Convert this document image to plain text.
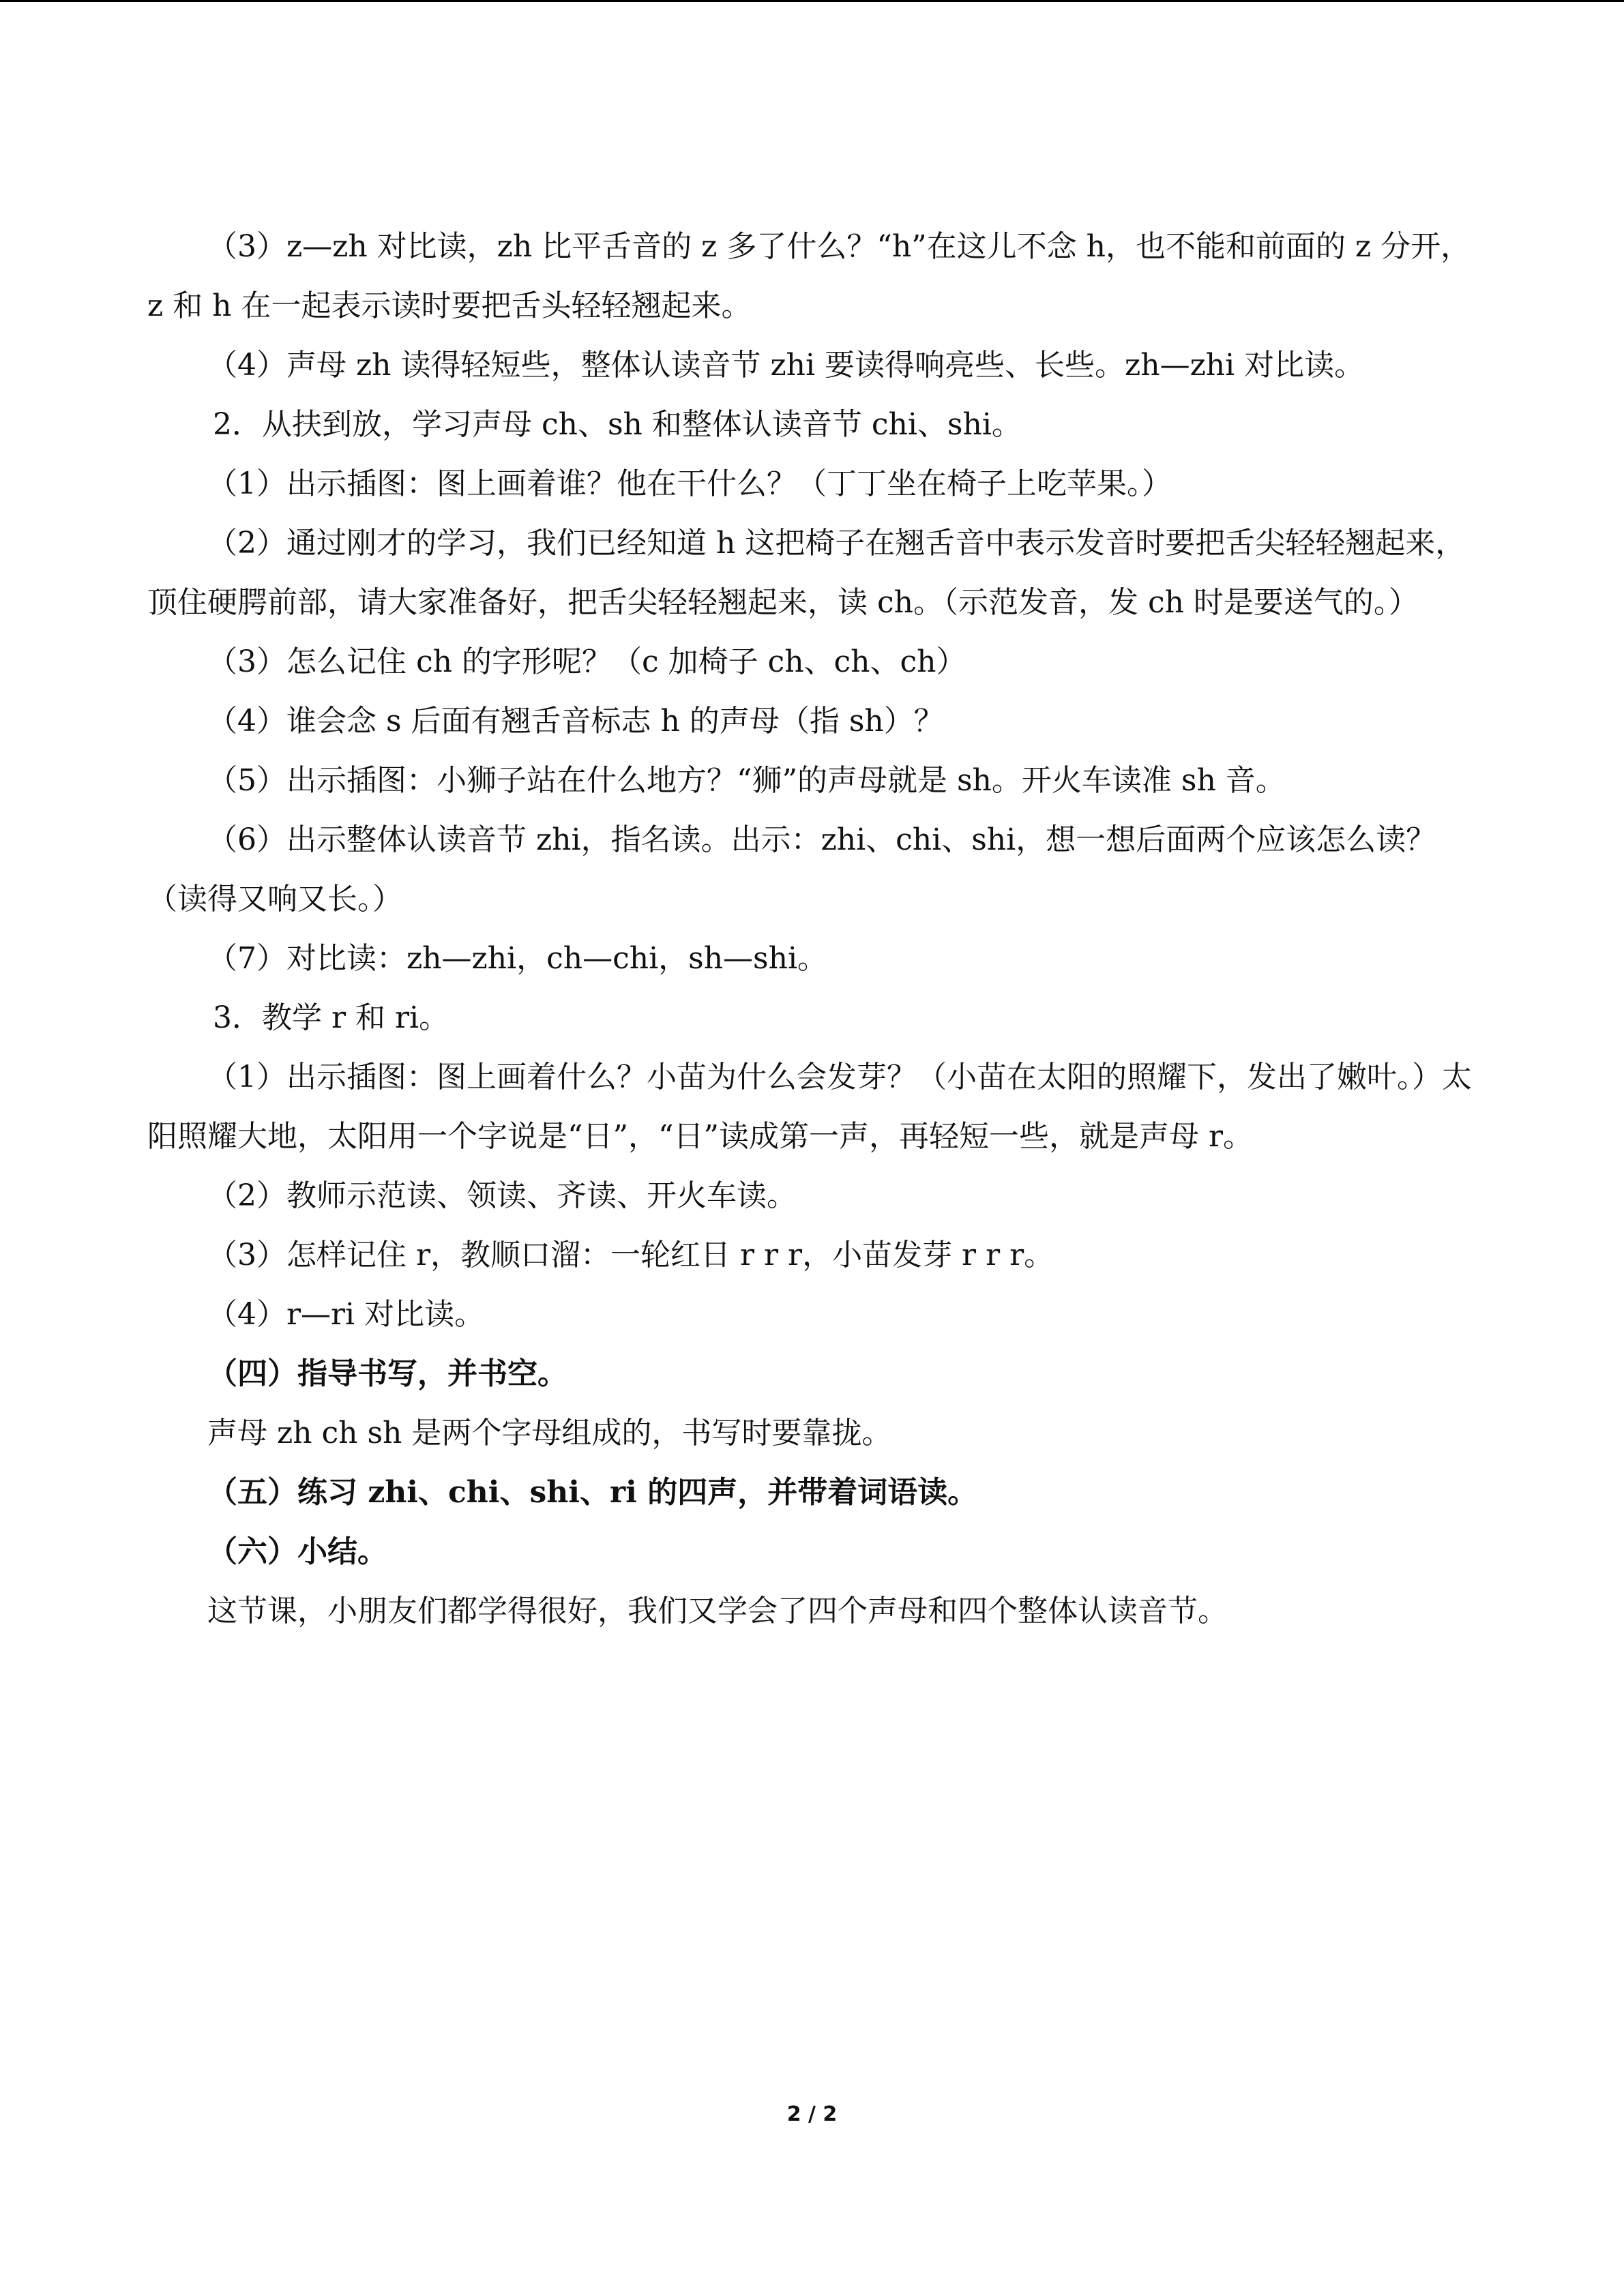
（3）z—zh 对比读，zh 比平舌音的 z 多了什么？“h”在这儿不念 h，也不能和前面的 z 分开，z 和 h 在一起表示读时要把舌头轻轻翘起来。

（4）声母 zh 读得轻短些，整体认读音节 zhi 要读得响亮些、长些。zh—zhi 对比读。

2．从扶到放，学习声母 ch、sh 和整体认读音节 chi、shi。

（1）出示插图：图上画着谁？他在干什么？（丁丁坐在椅子上吃苹果。）

（2）通过刚才的学习，我们已经知道 h 这把椅子在翘舌音中表示发音时要把舌尖轻轻翘起来，顶住硬腭前部，请大家准备好，把舌尖轻轻翘起来，读 ch。（示范发音，发 ch 时是要送气的。）

（3）怎么记住 ch 的字形呢？（c 加椅子 ch、ch、ch）

（4）谁会念 s 后面有翘舌音标志 h 的声母（指 sh）？

（5）出示插图：小狮子站在什么地方？“狮”的声母就是 sh。开火车读准 sh 音。

（6）出示整体认读音节 zhi，指名读。出示：zhi、chi、shi，想一想后面两个应该怎么读？（读得又响又长。）

（7）对比读：zh—zhi，ch—chi，sh—shi。

3．教学 r 和 ri。

（1）出示插图：图上画着什么？小苗为什么会发芽？（小苗在太阳的照耀下，发出了嫩叶。）太阳照耀大地，太阳用一个字说是“日”，“日”读成第一声，再轻短一些，就是声母 r。

（2）教师示范读、领读、齐读、开火车读。

（3）怎样记住 r，教顺口溜：一轮红日 r r r，小苗发芽 r r r。

（4）r—ri 对比读。

（四）指导书写，并书空。

声母 zh ch sh 是两个字母组成的，书写时要靠拢。

（五）练习 zhi、chi、shi、ri 的四声，并带着词语读。

（六）小结。

这节课，小朋友们都学得很好，我们又学会了四个声母和四个整体认读音节。

2 / 2
